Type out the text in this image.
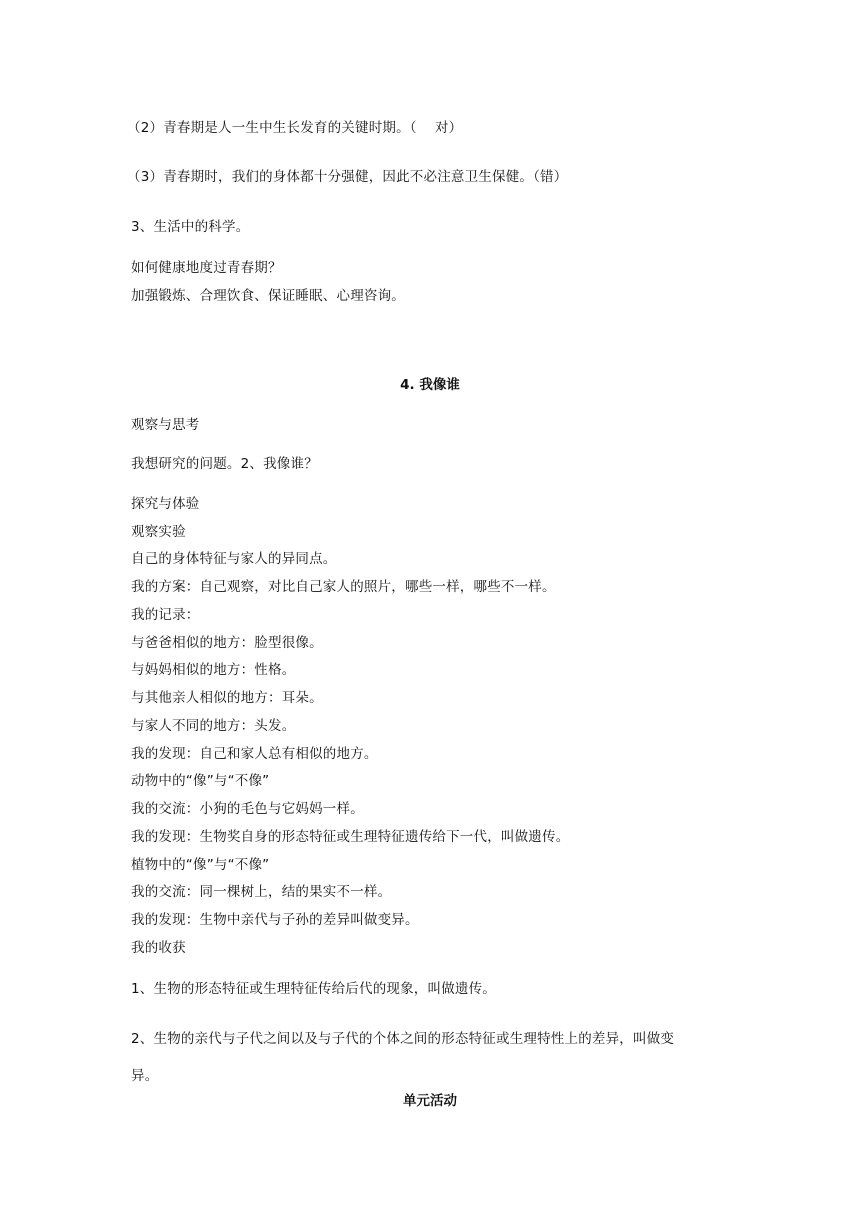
（2）青春期是人一生中生长发育的关键时期。（　 对）
（3）青春期时，我们的身体都十分强健，因此不必注意卫生保健。（错）
3、生活中的科学。
如何健康地度过青春期？
加强锻炼、合理饮食、保证睡眠、心理咨询。
4. 我像谁
观察与思考
我想研究的问题。2、我像谁？
探究与体验
观察实验
自己的身体特征与家人的异同点。
我的方案：自己观察，对比自己家人的照片，哪些一样，哪些不一样。
我的记录：
与爸爸相似的地方：脸型很像。
与妈妈相似的地方：性格。
与其他亲人相似的地方：耳朵。
与家人不同的地方：头发。
我的发现：自己和家人总有相似的地方。
动物中的“像”与“不像”
我的交流：小狗的毛色与它妈妈一样。
我的发现：生物奖自身的形态特征或生理特征遗传给下一代，叫做遗传。
植物中的“像”与“不像”
我的交流：同一棵树上，结的果实不一样。
我的发现：生物中亲代与子孙的差异叫做变异。
我的收获
1、生物的形态特征或生理特征传给后代的现象，叫做遗传。
2、生物的亲代与子代之间以及与子代的个体之间的形态特征或生理特性上的差异，叫做变
异。
单元活动
